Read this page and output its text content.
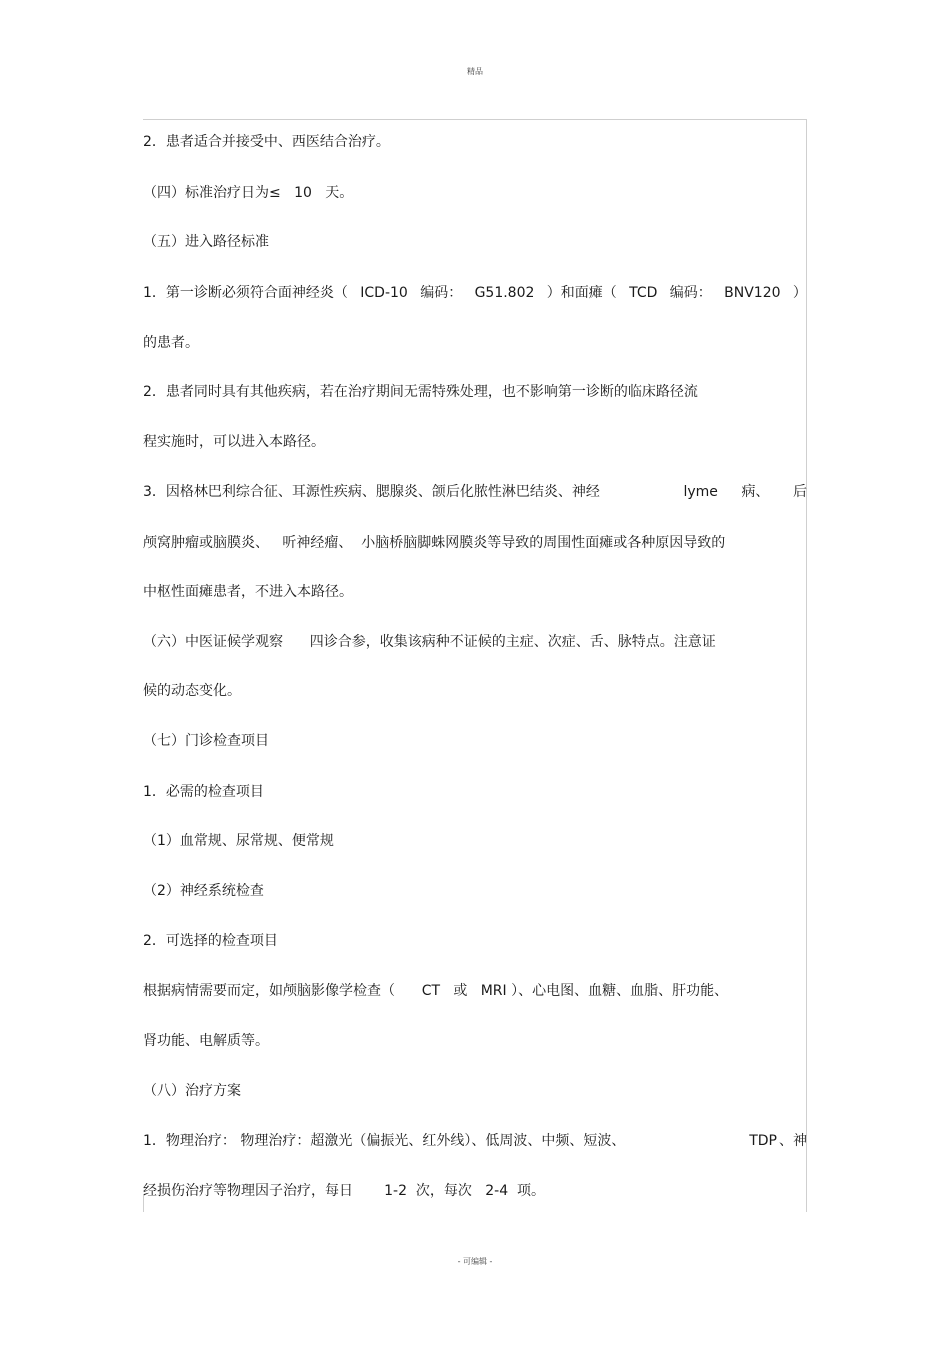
精品
2．患者适合并接受中、西医结合治疗。
（四）标准治疗日为≤   10   天。
（五）进入路径标准
1．第一诊断必须符合面神经炎（ ICD-10 编码： G51.802 ）和面瘫（ TCD 编码： BNV120 ）
的患者。
2．患者同时具有其他疾病，若在治疗期间无需特殊处理，也不影响第一诊断的临床路径流
程实施时，可以进入本路径。
3．因格林巴利综合征、耳源性疾病、腮腺炎、颌后化脓性淋巴结炎、神经	lyme 病、 后
颅窝肿瘤或脑膜炎、   听神经瘤、  小脑桥脑脚蛛网膜炎等导致的周围性面瘫或各种原因导致的
中枢性面瘫患者，不进入本路径。
（六）中医证候学观察      四诊合参，收集该病种不证候的主症、次症、舌、脉特点。注意证
候的动态变化。
（七）门诊检查项目
1．必需的检查项目
（1）血常规、尿常规、便常规
（2）神经系统检查
2．可选择的检查项目
根据病情需要而定，如颅脑影像学检查（      CT   或   MRI ）、心电图、血糖、血脂、肝功能、
肾功能、电解质等。
（八）治疗方案
1．物理治疗： 物理治疗：超激光（偏振光、红外线）、低周波、中频、短波、	TDP 、神
经损伤治疗等物理因子治疗，每日       1-2  次，每次   2-4  项。
- 可编辑 -
